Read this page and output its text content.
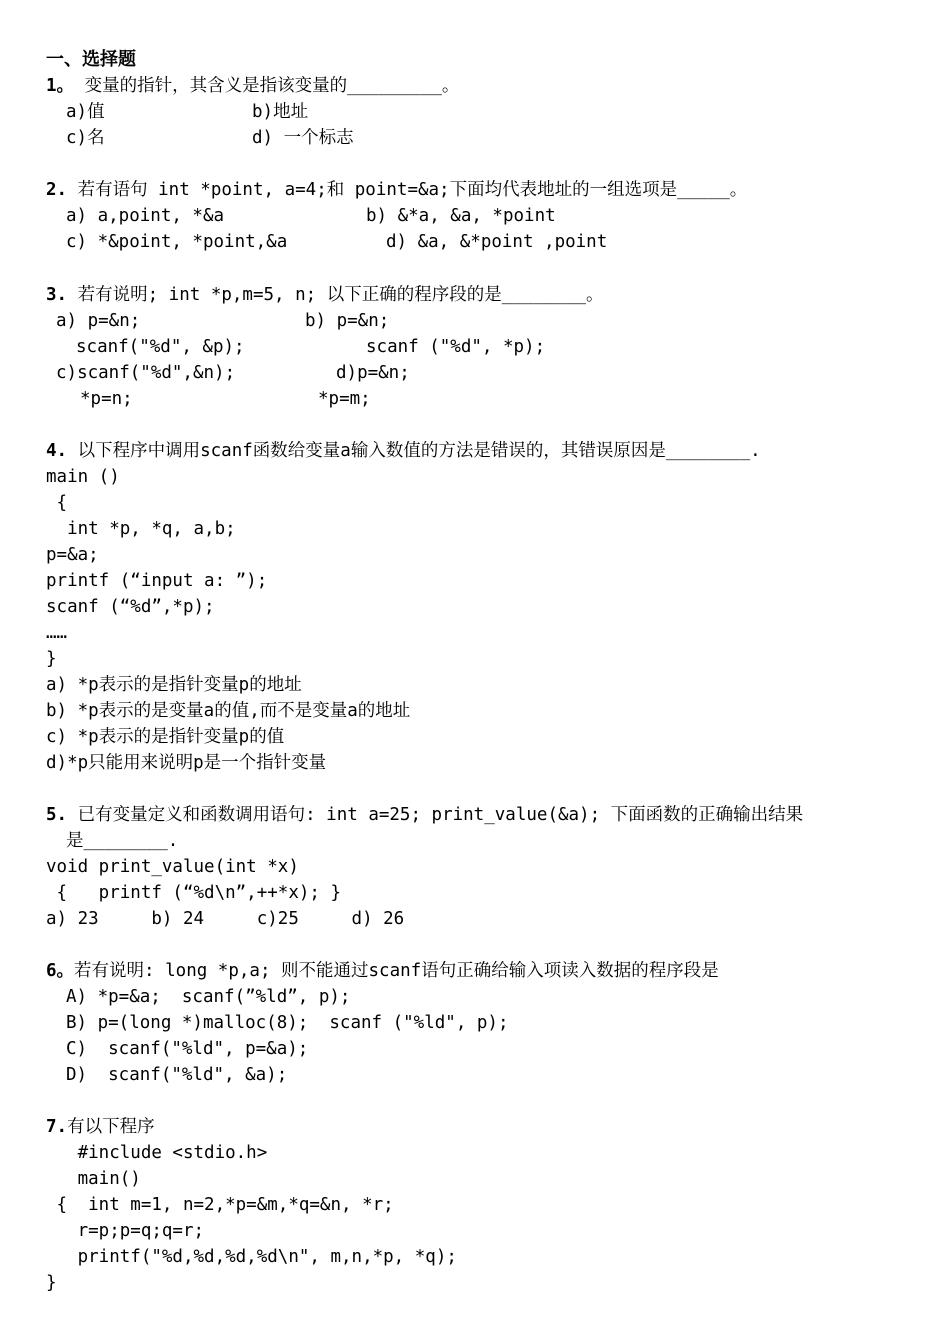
一、选择题
1。 变量的指针，其含义是指该变量的_________。
a)值	b)地址
c)名	d) 一个标志
2. 若有语句 int *point, a=4;和 point=&a;下面均代表地址的一组选项是_____。
a) a,point, *&a	b) &*a, &a, *point
c) *&point, *point,&a	d) &a, &*point ,point
3. 若有说明; int *p,m=5, n; 以下正确的程序段的是________。
a) p=&n;	b) p=&n;
scanf("%d", &p);	scanf ("%d", *p);
c)scanf("%d",&n);	d)p=&n;
*p=n;	*p=m;
4. 以下程序中调用scanf函数给变量a输入数值的方法是错误的，其错误原因是________.
main ()
{
int *p, *q, a,b;
p=&a;
printf (“input a: ”);
scanf (“%d”,*p);
……
}
a) *p表示的是指针变量p的地址
b) *p表示的是变量a的值,而不是变量a的地址
c) *p表示的是指针变量p的值
d)*p只能用来说明p是一个指针变量
5. 已有变量定义和函数调用语句: int a=25; print_value(&a); 下面函数的正确输出结果
是________.
void print_value(int *x)
{   printf (“%d\n”,++*x); }
a) 23     b) 24     c)25     d) 26
6。若有说明: long *p,a; 则不能通过scanf语句正确给输入项读入数据的程序段是
A) *p=&a;  scanf(”%ld”, p);
B) p=(long *)malloc(8);  scanf ("%ld", p);
C)  scanf("%ld", p=&a);
D)  scanf("%ld", &a);
7.有以下程序
#include <stdio.h>
main()
{  int m=1, n=2,*p=&m,*q=&n, *r;
r=p;p=q;q=r;
printf("%d,%d,%d,%d\n", m,n,*p, *q);
}
